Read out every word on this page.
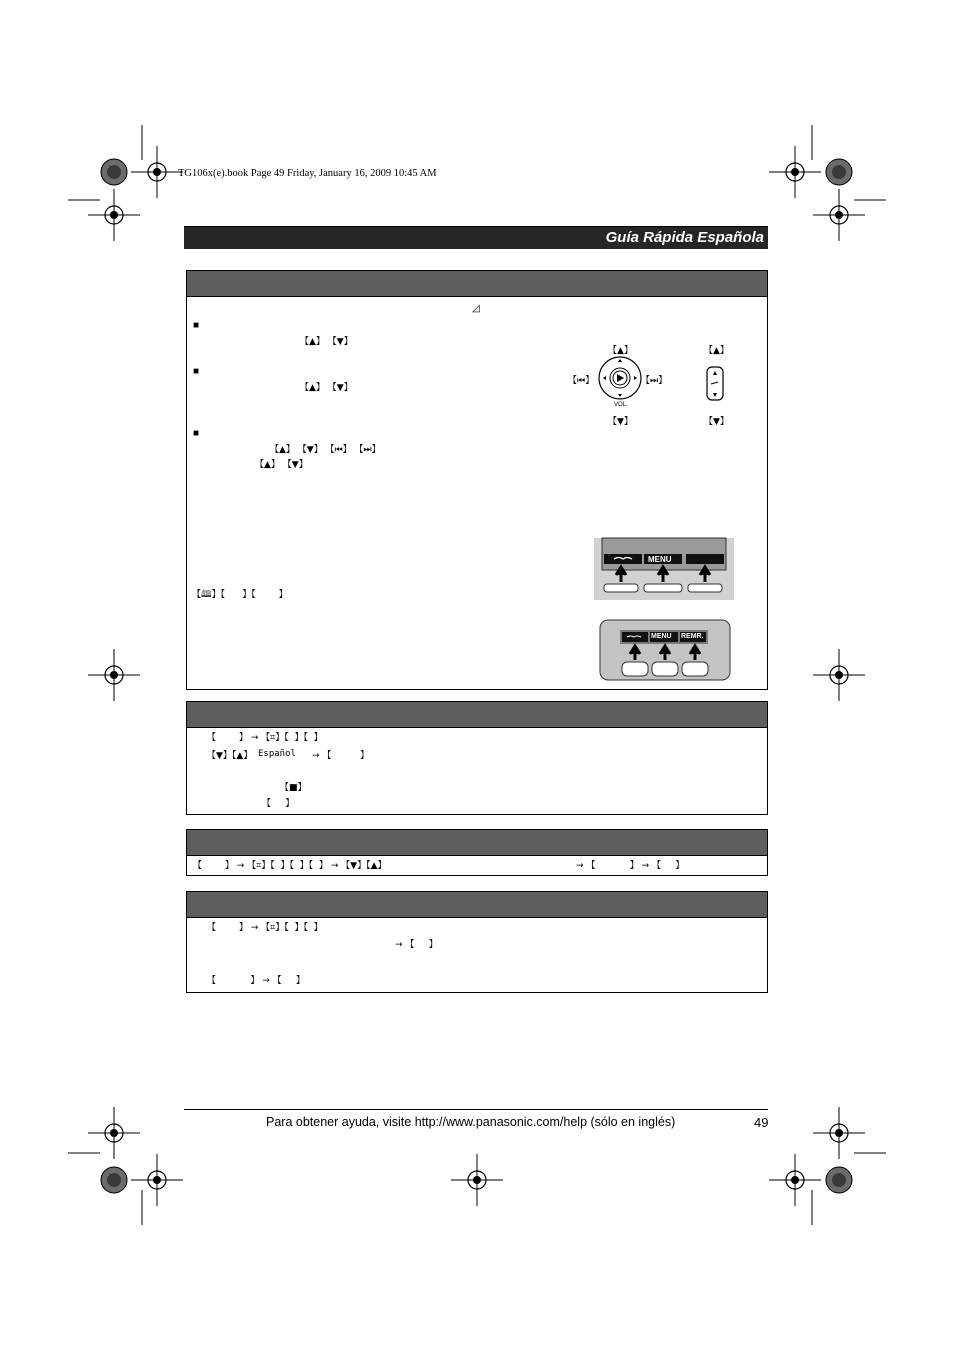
TG106x(e).book Page 49 Friday, January 16, 2009 10:45 AM
Guía Rápida Española
◿
■
【▲】 【▼】
■
【▲】 【▼】
■
【▲】 【▼】 【⏮】 【⏭】
【▲】 【▼】
【🕮】【      】【        】
【▲】
【▼】
【⏮】	【⏭】
VOL.
【▲】
【▼】
MENU
MENU REMR.
【        】 → 【⌗】【  】【  】
【▼】【▲】 Español → 【          】
【■】
【     】
【        】 → 【⌗】【  】【  】【  】 → 【▼】【▲】	→ 【            】 → 【     】
【        】 → 【⌗】【  】【  】
→ 【     】
【            】 → 【     】
Para obtener ayuda, visite http://www.panasonic.com/help (sólo en inglés)	49
